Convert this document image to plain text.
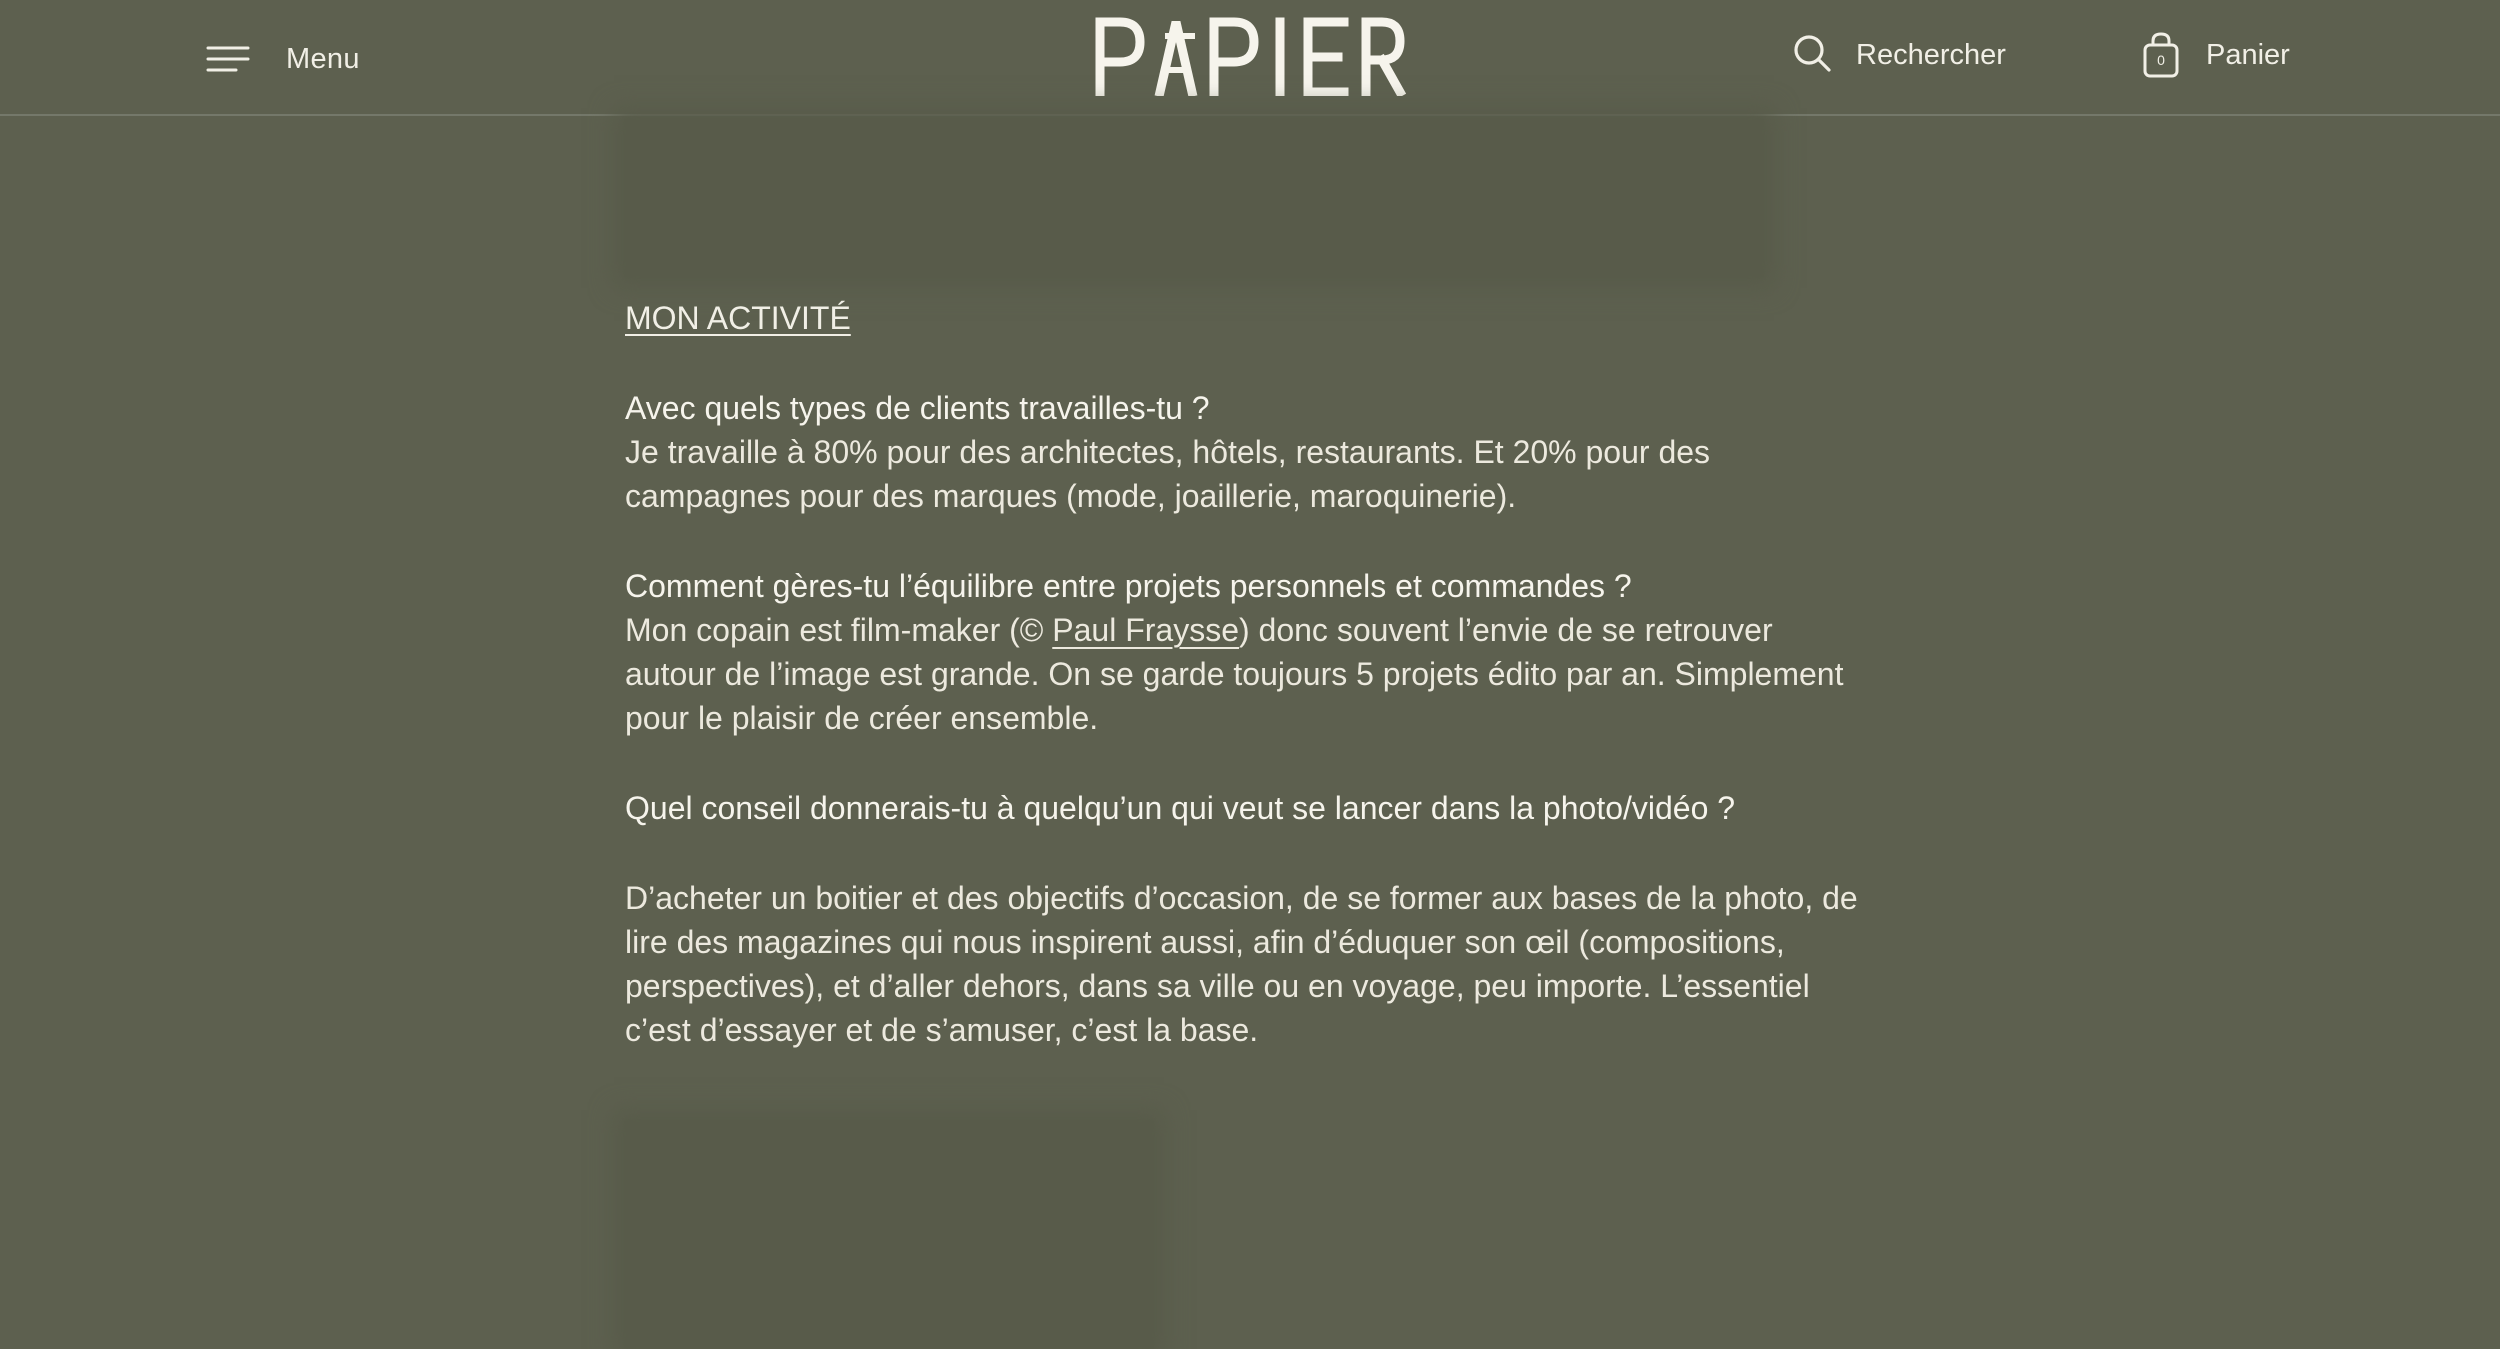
Menu	Rechercher	0	Panier

MON ACTIVITÉ

Avec quels types de clients travailles-tu ?

Je travaille à 80% pour des architectes, hôtels, restaurants. Et 20% pour des campagnes pour des marques (mode, joaillerie, maroquinerie).

Comment gères-tu l’équilibre entre projets personnels et commandes ?

Mon copain est film-maker (© Paul Fraysse) donc souvent l’envie de se retrouver autour de l’image est grande. On se garde toujours 5 projets édito par an. Simplement pour le plaisir de créer ensemble.

Quel conseil donnerais-tu à quelqu’un qui veut se lancer dans la photo/vidéo ?

D’acheter un boitier et des objectifs d’occasion, de se former aux bases de la photo, de lire des magazines qui nous inspirent aussi, afin d’éduquer son œil (compositions, perspectives), et d’aller dehors, dans sa ville ou en voyage, peu importe. L’essentiel c’est d’essayer et de s’amuser, c’est la base.
